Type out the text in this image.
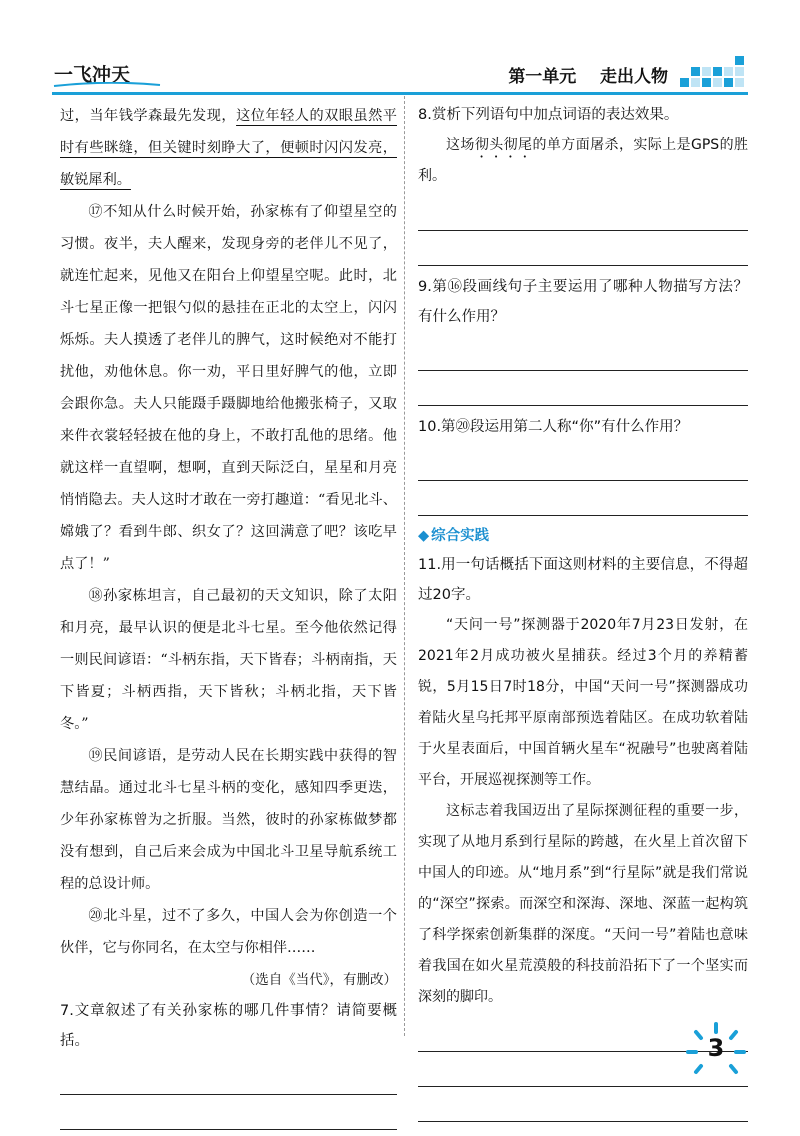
一飞冲天	第一单元    走出人物

过，当年钱学森最先发现，这位年轻人的双眼虽然平时有些眯缝，但关键时刻睁大了，便顿时闪闪发亮，敏锐犀利。

⑰不知从什么时候开始，孙家栋有了仰望星空的习惯。夜半，夫人醒来，发现身旁的老伴儿不见了，就连忙起来，见他又在阳台上仰望星空呢。此时，北斗七星正像一把银勺似的悬挂在正北的太空上，闪闪烁烁。夫人摸透了老伴儿的脾气，这时候绝对不能打扰他，劝他休息。你一劝，平日里好脾气的他，立即会跟你急。夫人只能蹑手蹑脚地给他搬张椅子，又取来件衣裳轻轻披在他的身上，不敢打乱他的思绪。他就这样一直望啊，想啊，直到天际泛白，星星和月亮悄悄隐去。夫人这时才敢在一旁打趣道：“看见北斗、嫦娥了？看到牛郎、织女了？这回满意了吧？该吃早点了！”

⑱孙家栋坦言，自己最初的天文知识，除了太阳和月亮，最早认识的便是北斗七星。至今他依然记得一则民间谚语：“斗柄东指，天下皆春；斗柄南指，天下皆夏；斗柄西指，天下皆秋；斗柄北指，天下皆冬。”

⑲民间谚语，是劳动人民在长期实践中获得的智慧结晶。通过北斗七星斗柄的变化，感知四季更迭，少年孙家栋曾为之折服。当然，彼时的孙家栋做梦都没有想到，自己后来会成为中国北斗卫星导航系统工程的总设计师。

⑳北斗星，过不了多久，中国人会为你创造一个伙伴，它与你同名，在太空与你相伴……

（选自《当代》，有删改）

7.文章叙述了有关孙家栋的哪几件事情？请简要概括。

8.赏析下列语句中加点词语的表达效果。

这场彻头彻尾的单方面屠杀，实际上是GPS的胜利。

9.第⑯段画线句子主要运用了哪种人物描写方法？有什么作用？

10.第⑳段运用第二人称“你”有什么作用？

◆ 综合实践

11.用一句话概括下面这则材料的主要信息，不得超过20字。

“天问一号”探测器于2020年7月23日发射，在2021年2月成功被火星捕获。经过3个月的养精蓄锐，5月15日7时18分，中国“天问一号”探测器成功着陆火星乌托邦平原南部预选着陆区。在成功软着陆于火星表面后，中国首辆火星车“祝融号”也驶离着陆平台，开展巡视探测等工作。

这标志着我国迈出了星际探测征程的重要一步，实现了从地月系到行星际的跨越，在火星上首次留下中国人的印迹。从“地月系”到“行星际”就是我们常说的“深空”探索。而深空和深海、深地、深蓝一起构筑了科学探索创新集群的深度。“天问一号”着陆也意味着我国在如火星荒漠般的科技前沿拓下了一个坚实而深刻的脚印。

3
